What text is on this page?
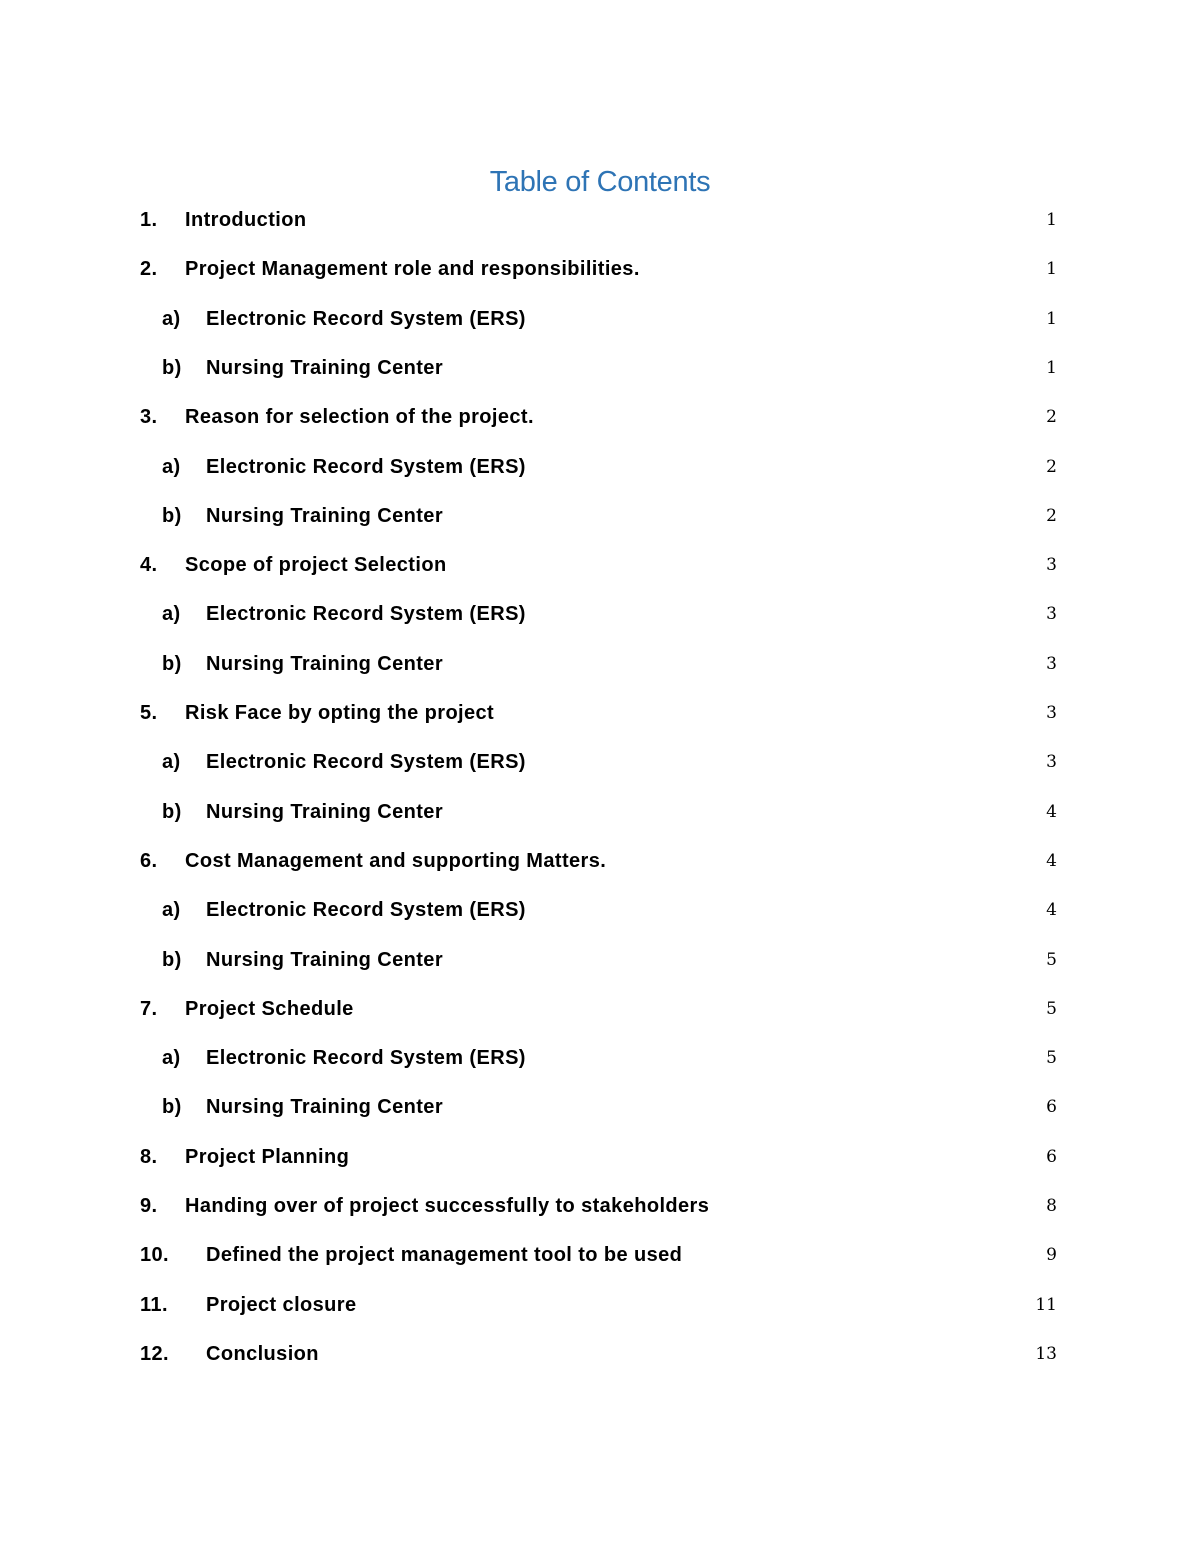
Table of Contents
1. Introduction	1
2. Project Management role and responsibilities.	1
a) Electronic Record System (ERS)	1
b) Nursing Training Center	1
3. Reason for selection of the project.	2
a) Electronic Record System (ERS)	2
b) Nursing Training Center	2
4. Scope of project Selection	3
a) Electronic Record System (ERS)	3
b) Nursing Training Center	3
5. Risk Face by opting the project	3
a) Electronic Record System (ERS)	3
b) Nursing Training Center	4
6. Cost Management and supporting Matters.	4
a) Electronic Record System (ERS)	4
b) Nursing Training Center	5
7. Project Schedule	5
a) Electronic Record System (ERS)	5
b) Nursing Training Center	6
8. Project Planning	6
9. Handing over of project successfully to stakeholders	8
10. Defined the project management tool to be used	9
11. Project closure	11
12. Conclusion	13
